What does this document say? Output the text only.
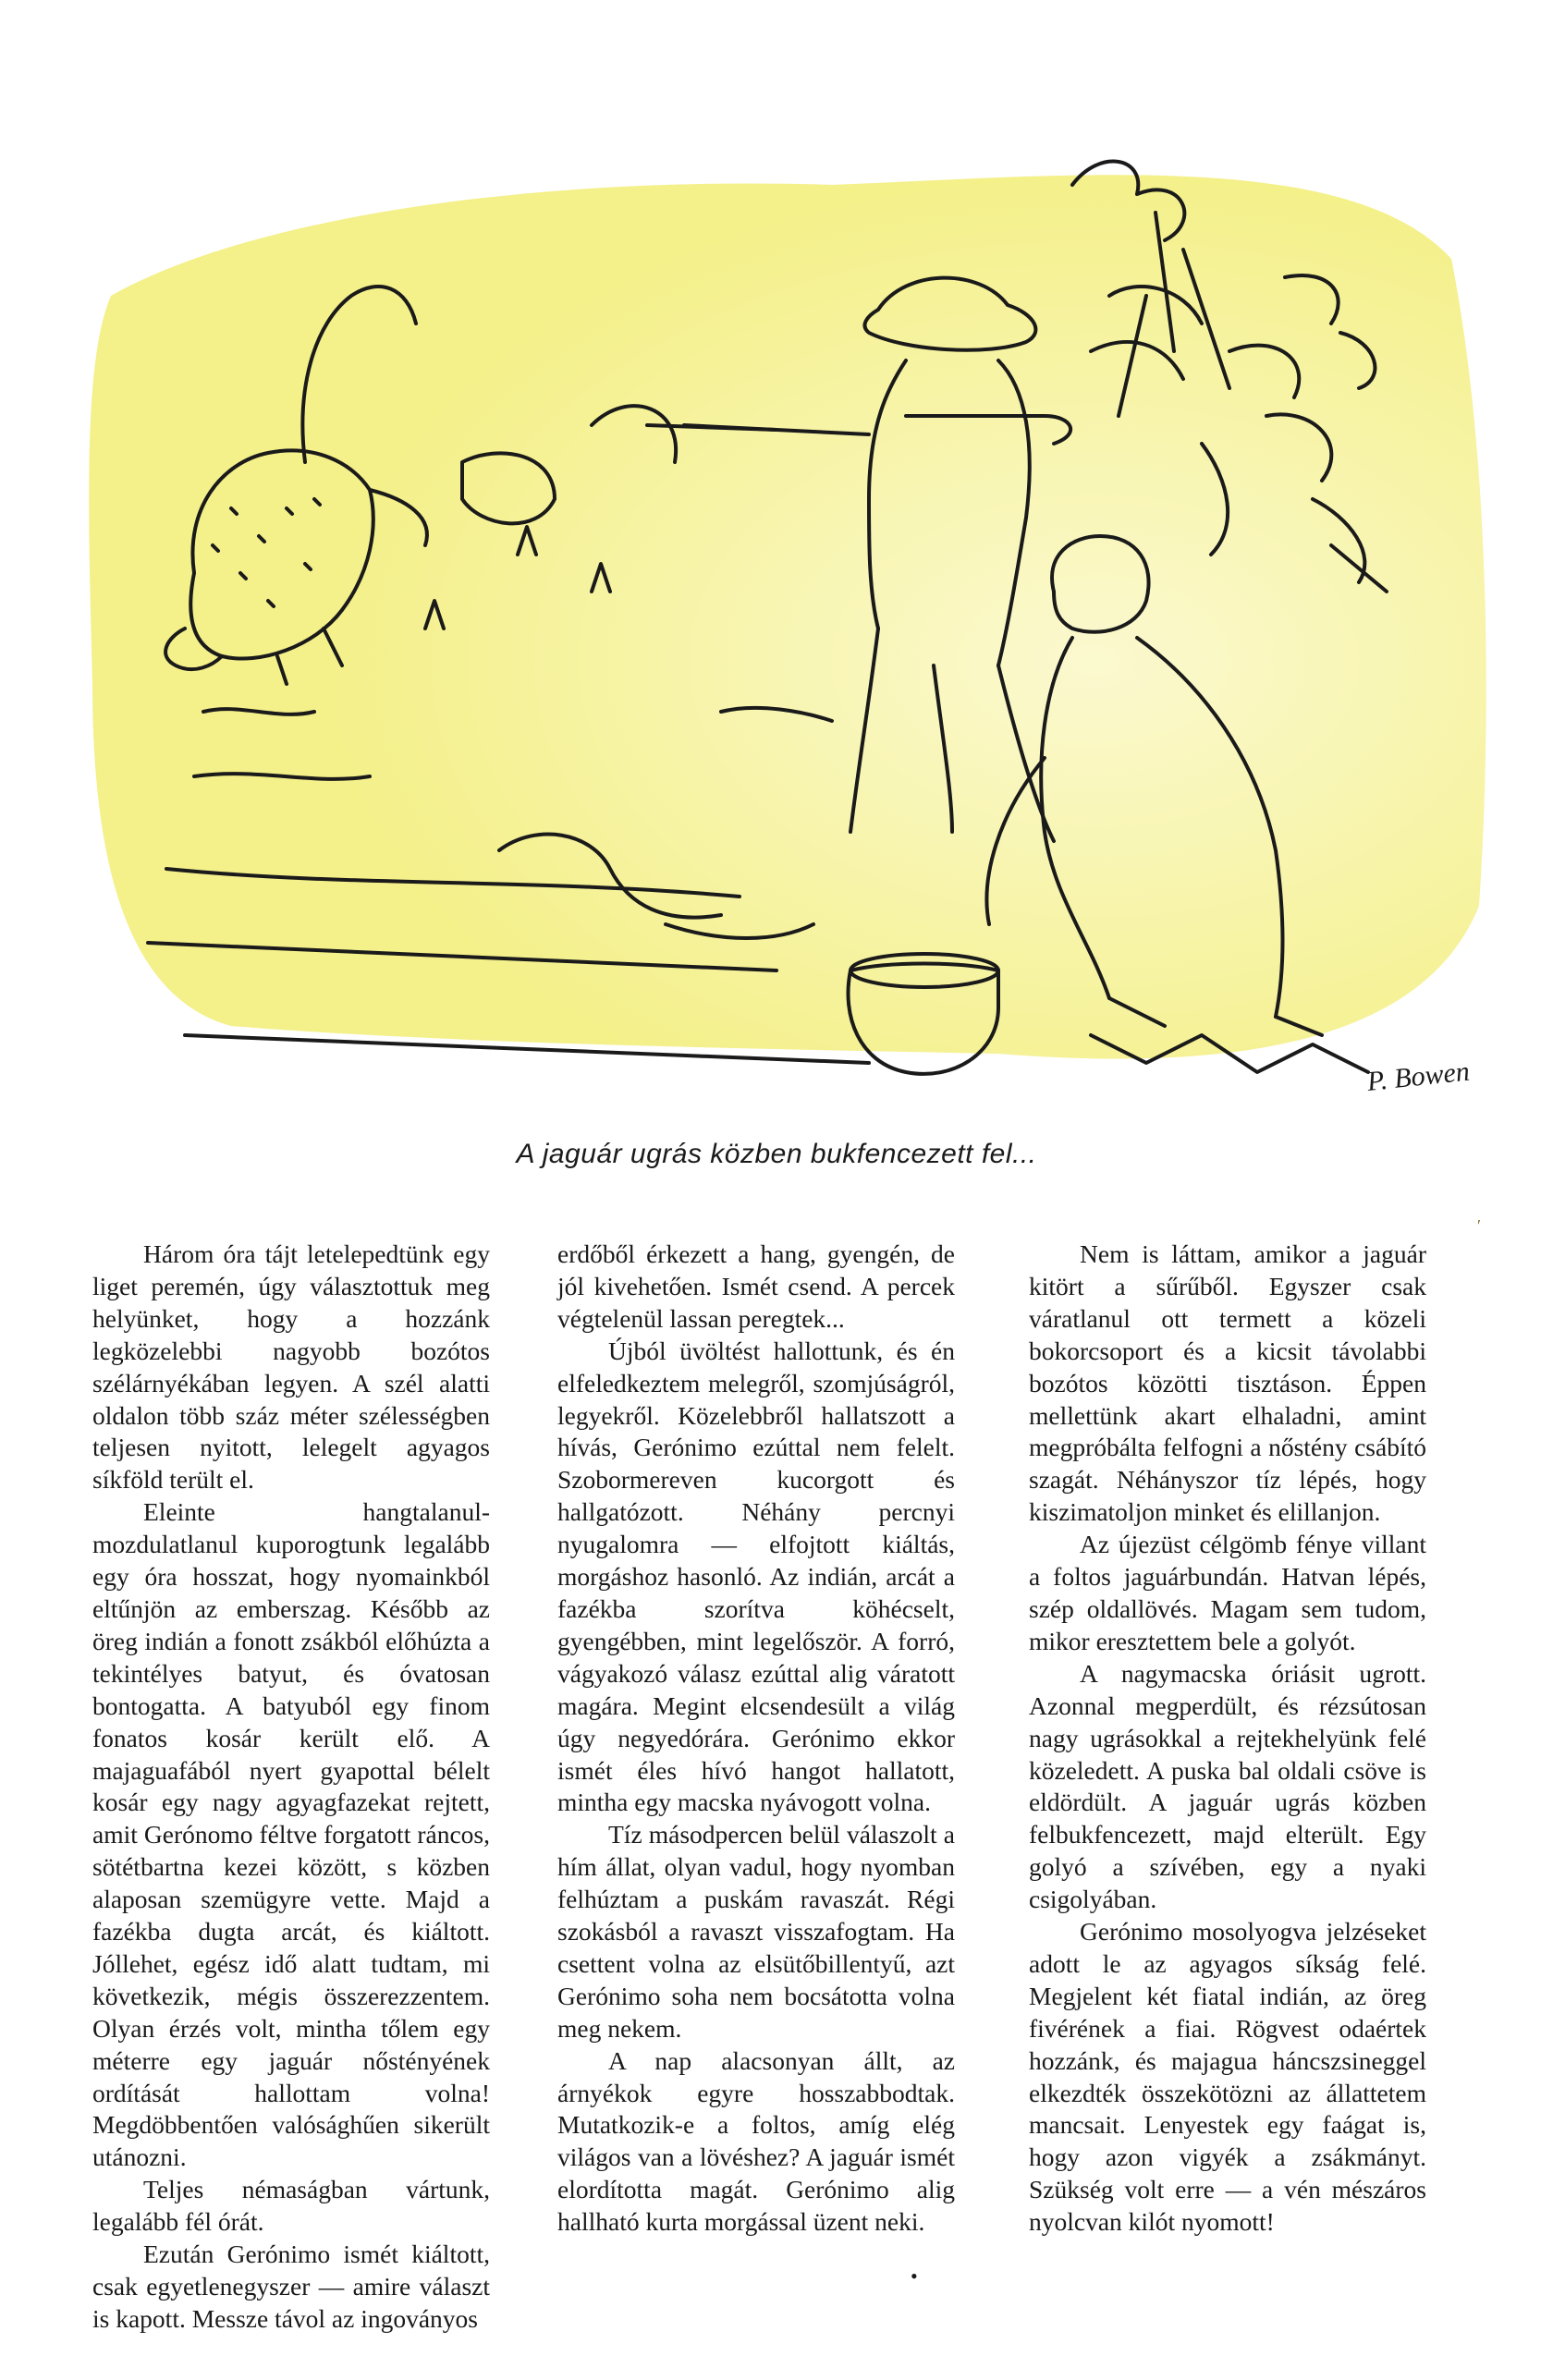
P. Bowen
A jaguár ugrás közben bukfencezett fel...
′

Három óra tájt letelepedtünk egy liget peremén, úgy választottuk meg helyünket, hogy a hozzánk legközelebbi nagyobb bozótos szélárnyékában legyen. A szél alatti oldalon több száz méter szélességben teljesen nyitott, lelegelt agyagos síkföld terült el.

Eleinte hangtalanul-mozdulatlanul kuporogtunk legalább egy óra hosszat, hogy nyomainkból eltűnjön az emberszag. Később az öreg indián a fonott zsákból előhúzta a tekintélyes batyut, és óvatosan bontogatta. A batyuból egy finom fonatos kosár került elő. A majaguafából nyert gyapottal bélelt kosár egy nagy agyagfazekat rejtett, amit Gerónomo féltve forgatott ráncos, sötétbartna kezei között, s közben alaposan szemügyre vette. Majd a fazékba dugta arcát, és kiáltott. Jóllehet, egész idő alatt tudtam, mi következik, mégis összerezzentem. Olyan érzés volt, mintha tőlem egy méterre egy jaguár nőstényének ordítását hallottam volna! Megdöbbentően valósághűen sikerült utánozni.

Teljes némaságban vártunk, legalább fél órát.

Ezután Gerónimo ismét kiáltott, csak egyetlenegyszer — amire választ is kapott. Messze távol az ingoványos

erdőből érkezett a hang, gyengén, de jól kivehetően. Ismét csend. A percek végtelenül lassan peregtek...

Újból üvöltést hallottunk, és én elfeledkeztem melegről, szomjúságról, legyekről. Közelebbről hallatszott a hívás, Gerónimo ezúttal nem felelt. Szobormereven kucorgott és hallgatózott. Néhány percnyi nyugalomra — elfojtott kiáltás, morgáshoz hasonló. Az indián, arcát a fazékba szorítva köhécselt, gyengébben, mint legelőször. A forró, vágyakozó válasz ezúttal alig váratott magára. Megint elcsendesült a világ úgy negyedórára. Gerónimo ekkor ismét éles hívó hangot hallatott, mintha egy macska nyávogott volna.

Tíz másodpercen belül válaszolt a hím állat, olyan vadul, hogy nyomban felhúztam a puskám ravaszát. Régi szokásból a ravaszt visszafogtam. Ha csettent volna az elsütőbillentyű, azt Gerónimo soha nem bocsátotta volna meg nekem.

A nap alacsonyan állt, az árnyékok egyre hosszabbodtak. Mutatkozik-e a foltos, amíg elég világos van a lövéshez? A jaguár ismét elordította magát. Gerónimo alig hallható kurta morgással üzent neki.

Nem is láttam, amikor a jaguár kitört a sűrűből. Egyszer csak váratlanul ott termett a közeli bokorcsoport és a kicsit távolabbi bozótos közötti tisztáson. Éppen mellettünk akart elhaladni, amint megpróbálta felfogni a nőstény csábító szagát. Néhányszor tíz lépés, hogy kiszimatoljon minket és elillanjon.

Az újezüst célgömb fénye villant a foltos jaguárbundán. Hatvan lépés, szép oldallövés. Magam sem tudom, mikor eresztettem bele a golyót.

A nagymacska óriásit ugrott. Azonnal megperdült, és rézsútosan nagy ugrásokkal a rejtekhelyünk felé közeledett. A puska bal oldali csöve is eldördült. A jaguár ugrás közben felbukfencezett, majd elterült. Egy golyó a szívében, egy a nyaki csigolyában.

Gerónimo mosolyogva jelzéseket adott le az agyagos síkság felé. Megjelent két fiatal indián, az öreg fivérének a fiai. Rögvest odaértek hozzánk, és majagua háncszsineggel elkezdték összekötözni az állattetem mancsait. Lenyestek egy faágat is, hogy azon vigyék a zsákmányt. Szükség volt erre — a vén mészáros nyolcvan kilót nyomott!

•
